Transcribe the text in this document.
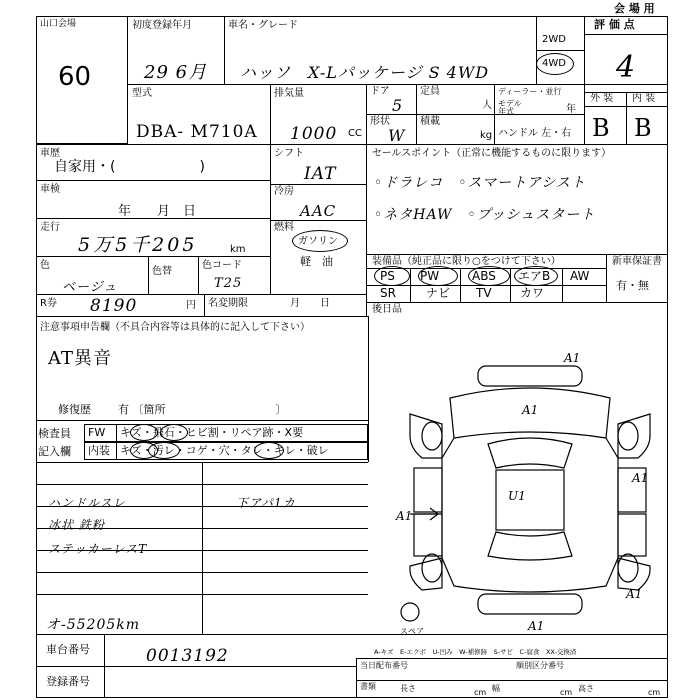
山口会場
会 場 用
60
初度登録年月
29 6月
車名・グレード
ハッソ　X-Lパッケージ S 4WD
2WD
4WD
評 価 点
4
型式
DBA- M710A
排気量
1000 CC
ドア
5
定員
人
ディーラー・並行
モデル年式	年
形状
W
積載
kg ハンドル 左・右
外 装 内 装
B B
車歴
自家用・(　　　　　　)
車検
年　　月　日
走行
5万5千205	km
色
ベージュ
色替
色コード
T25
R券 8190	円 名変期限	月　　日
シフト
IAT
冷房
AAC
燃料
ガソリン
軽　油
セールスポイント（正常に機能するものに限ります）
◦ドラレコ　◦スマートアシスト
◦ネタHAW　◦プッシュスタート
装備品（純正品に限り○をつけて下さい）	新車保証書
有・無
PS PW	ABS エアB AW
SR	ナビ TV カワ
後日品
注意事項申告欄（不具合内容等は具体的に記入して下さい）
AT異音
修復歴 有 〔箇所　　　　　　　　　　〕
検査員
記入欄
FW キズ・飛石・ヒビ割・リペア跡・X要
内装 キズ・汚レ・コゲ・穴・タレ・キレ・破レ
ハンドルスレ
冰状 鉄粉
ステッカーレスT
下アパ1カ
オ-55205km
車台番号	0013192
登録番号
当日配布番号	順別区分番号
書類	長さ	cm 幅	cm 高さ	cm
A1
A1
U1
A1
A1
A1
A1
スペア
A-キズ　E-エクボ　U-凹み　W-補修跡　S-サビ　C-腐食　XX-交換済
